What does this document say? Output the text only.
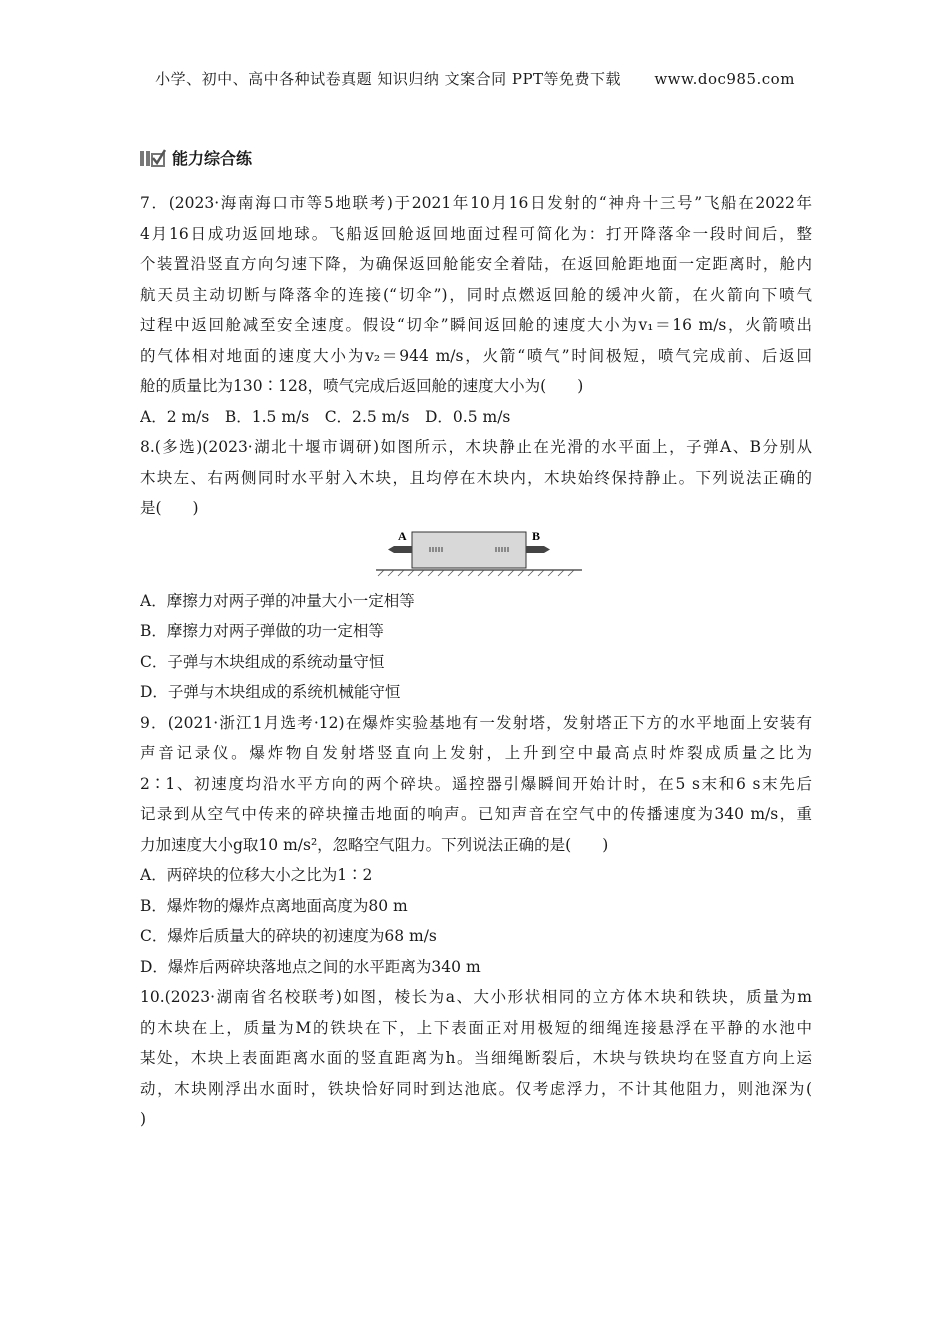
小学、初中、高中各种试卷真题 知识归纳 文案合同 PPT等免费下载 www.doc985.com
能力综合练
7．(2023·海南海口市等5地联考)于2021年10月16日发射的“神舟十三号”飞船在2022年
4月16日成功返回地球。飞船返回舱返回地面过程可简化为：打开降落伞一段时间后，整
个装置沿竖直方向匀速下降，为确保返回舱能安全着陆，在返回舱距地面一定距离时，舱内
航天员主动切断与降落伞的连接(“切伞”)，同时点燃返回舱的缓冲火箭，在火箭向下喷气
过程中返回舱减至安全速度。假设“切伞”瞬间返回舱的速度大小为v₁＝16 m/s，火箭喷出
的气体相对地面的速度大小为v₂＝944 m/s，火箭“喷气”时间极短，喷气完成前、后返回
舱的质量比为130∶128，喷气完成后返回舱的速度大小为(　　)
A．2 m/s　B．1.5 m/s　C．2.5 m/s　D．0.5 m/s
8.(多选)(2023·湖北十堰市调研)如图所示，木块静止在光滑的水平面上，子弹A、B分别从
木块左、右两侧同时水平射入木块，且均停在木块内，木块始终保持静止。下列说法正确的
是(　　)
A	B
A．摩擦力对两子弹的冲量大小一定相等
B．摩擦力对两子弹做的功一定相等
C．子弹与木块组成的系统动量守恒
D．子弹与木块组成的系统机械能守恒
9．(2021·浙江1月选考·12)在爆炸实验基地有一发射塔，发射塔正下方的水平地面上安装有
声音记录仪。爆炸物自发射塔竖直向上发射，上升到空中最高点时炸裂成质量之比为
2∶1、初速度均沿水平方向的两个碎块。遥控器引爆瞬间开始计时，在5 s末和6 s末先后
记录到从空气中传来的碎块撞击地面的响声。已知声音在空气中的传播速度为340 m/s，重
力加速度大小g取10 m/s²，忽略空气阻力。下列说法正确的是(　　)
A．两碎块的位移大小之比为1∶2
B．爆炸物的爆炸点离地面高度为80 m
C．爆炸后质量大的碎块的初速度为68 m/s
D．爆炸后两碎块落地点之间的水平距离为340 m
10.(2023·湖南省名校联考)如图，棱长为a、大小形状相同的立方体木块和铁块，质量为m
的木块在上，质量为M的铁块在下，上下表面正对用极短的细绳连接悬浮在平静的水池中
某处，木块上表面距离水面的竖直距离为h。当细绳断裂后，木块与铁块均在竖直方向上运
动，木块刚浮出水面时，铁块恰好同时到达池底。仅考虑浮力，不计其他阻力，则池深为(
)
